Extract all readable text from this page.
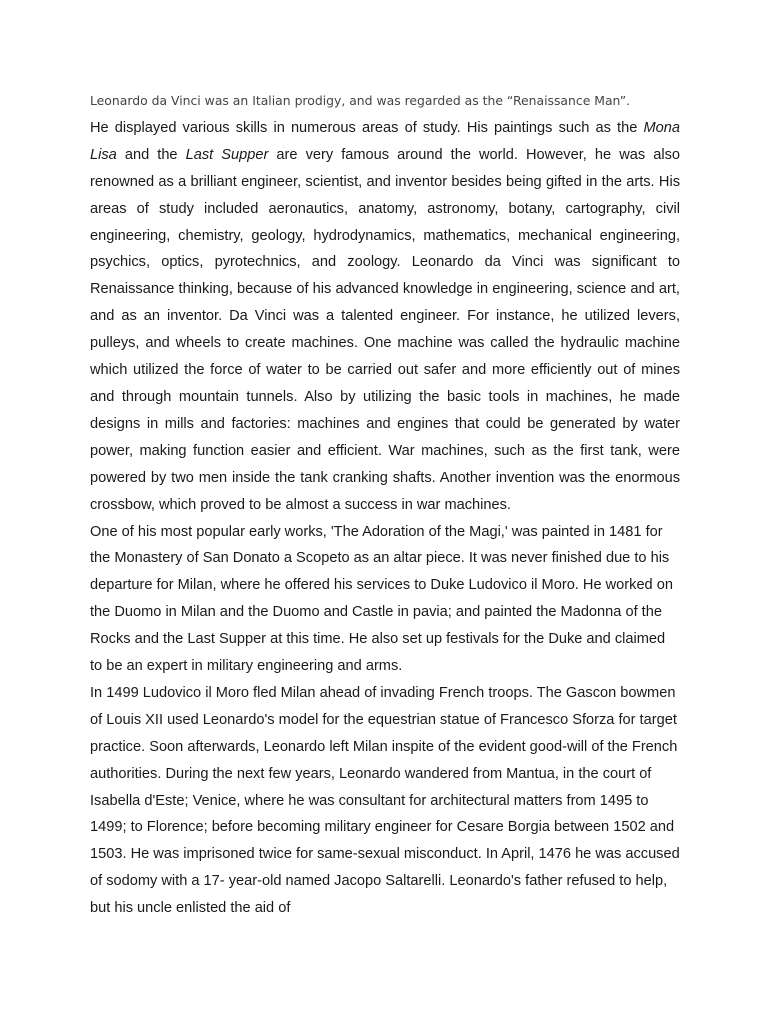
Leonardo da Vinci was an Italian prodigy, and was regarded as the “Renaissance Man”.

He displayed various skills in numerous areas of study. His paintings such as the Mona Lisa and the Last Supper are very famous around the world. However, he was also renowned as a brilliant engineer, scientist, and inventor besides being gifted in the arts. His areas of study included aeronautics, anatomy, astronomy, botany, cartography, civil engineering, chemistry, geology, hydrodynamics, mathematics, mechanical engineering, psychics, optics, pyrotechnics, and zoology. Leonardo da Vinci was significant to Renaissance thinking, because of his advanced knowledge in engineering, science and art, and as an inventor. Da Vinci was a talented engineer. For instance, he utilized levers, pulleys, and wheels to create machines. One machine was called the hydraulic machine which utilized the force of water to be carried out safer and more efficiently out of mines and through mountain tunnels. Also by utilizing the basic tools in machines, he made designs in mills and factories: machines and engines that could be generated by water power, making function easier and efficient. War machines, such as the first tank, were powered by two men inside the tank cranking shafts. Another invention was the enormous crossbow, which proved to be almost a success in war machines.

One of his most popular early works, 'The Adoration of the Magi,' was painted in 1481 for the Monastery of San Donato a Scopeto as an altar piece. It was never finished due to his departure for Milan, where he offered his services to Duke Ludovico il Moro. He worked on the Duomo in Milan and the Duomo and Castle in pavia; and painted the Madonna of the Rocks and the Last Supper at this time. He also set up festivals for the Duke and claimed to be an expert in military engineering and arms.

In 1499 Ludovico il Moro fled Milan ahead of invading French troops. The Gascon bowmen of Louis XII used Leonardo's model for the equestrian statue of Francesco Sforza for target practice. Soon afterwards, Leonardo left Milan inspite of the evident good-will of the French authorities. During the next few years, Leonardo wandered from Mantua, in the court of Isabella d'Este; Venice, where he was consultant for architectural matters from 1495 to 1499; to Florence; before becoming military engineer for Cesare Borgia between 1502 and 1503. He was imprisoned twice for same-sexual misconduct. In April, 1476 he was accused of sodomy with a 17- year-old named Jacopo Saltarelli. Leonardo's father refused to help, but his uncle enlisted the aid of
